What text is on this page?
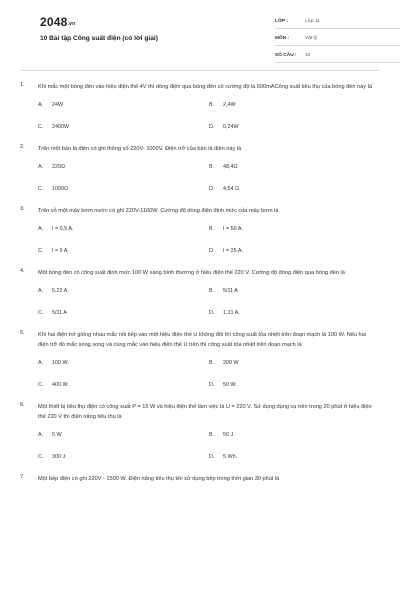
2048.vn
10 Bài tập Công suất điện (có lời giải)
LỚP :	Lớp 11
MÔN :	Vật lý
SỐ CÂU :	10
1.	Khi mắc một bóng đèn vào hiệu điện thế 4V thì dòng điện qua bóng đèn có cường độ là 600mACông suất tiêu thụ của bóng đèn này là
A.	24W	B.	2,4W
C.	2400W	D.	0,24W
2.	Trên một bàn là điện có ghi thông số 220V- 1000V. Điện trở của bàn là điện này là
A.	220Ω	B.	48,4Ω
C.	1000Ω	D.	4,54 Ω.
3.	Trên vỏ một máy bơm nước có ghi 220V-1100W. Cường độ dòng điện định mức của máy bơm là
A.	I = 0,5 A.	B.	I = 50 A.
C.	I = 5 A.	D.	I = 25 A.
4.	Một bóng đèn có công suất định mức 100 W sáng bình thường ở hiệu điện thế 220 V. Cường độ dòng điện qua bóng đèn là
A.	5,22 A.	B.	5/11 A
C.	5/11 A	D.	1,21 A.
5.	Khi hai điện trở giống nhau mắc nối tiếp vào một hiệu điện thế U không đổi thì công suất tỏa nhiệt trên đoạn mạch là 100 W. Nếu hai điện trở đó mắc song song và cùng mắc vào hiệu điện thế U trên thì công suất tỏa nhiệt trên đoạn mạch là
A.	100 W.	B.	200 W
C.	400 W.	D.	50 W.
6.	Một thiết bị tiêu thụ điện có công suất P = 15 W và hiệu điện thế làm việc là U = 220 V. Sử dụng dụng cụ trên trong 20 phút ở hiệu điện thế 220 V thì điện năng tiêu thụ là
A.	5 W.	B.	50 J.
C.	300 J.	D.	5 Wh.
7.	Một bếp điện có ghi 220V - 1500 W. Điện năng tiêu thụ khi sử dụng bếp trong thời gian 30 phút là
